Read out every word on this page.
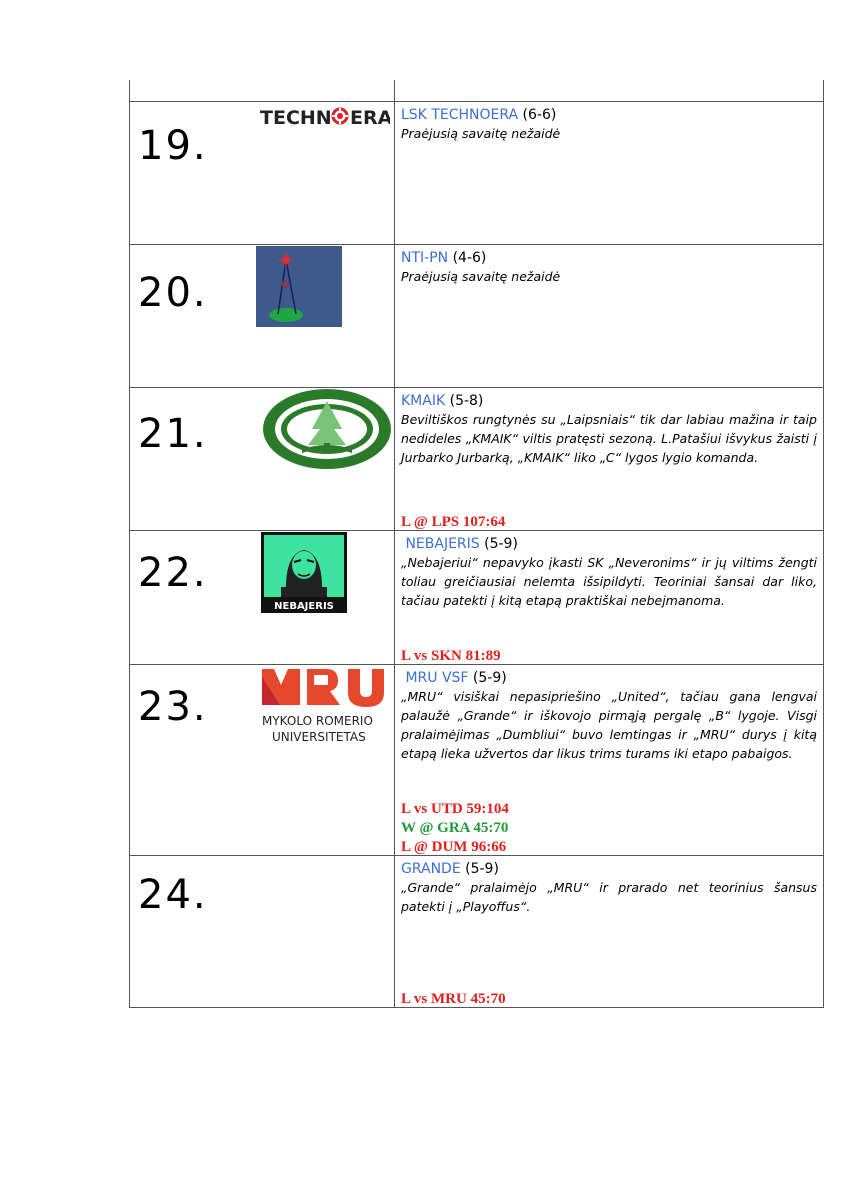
19.
TECHN ERA LSK TECHNOERA (6-6)
Praėjusią savaitę nežaidė
20.
NTI-PN (4-6)
Praėjusią savaitę nežaidė
21.
KMAIK (5-8)
Beviltiškos rungtynės su „Laipsniais“ tik dar labiau mažina ir taip nedideles „KMAIK“ viltis pratęsti sezoną. L.Patašiui išvykus žaisti į Jurbarko Jurbarką, „KMAIK“ liko „C“ lygos lygio komanda.
L @ LPS 107:64
22.
NEBAJERIS
NEBAJERIS (5-9)
„Nebajeriui“ nepavyko įkasti SK „Neveronims“ ir jų viltims žengti toliau greičiausiai nelemta išsipildyti. Teoriniai šansai dar liko, tačiau patekti į kitą etapą praktiškai nebejmanoma.
L vs SKN 81:89
23.	MYKOLO ROMERIO
UNIVERSITETAS
MRU VSF (5-9)
„MRU“ visiškai nepasipriešino „United“, tačiau gana lengvai palaužė „Grande“ ir iškovojo pirmąją pergalę „B“ lygoje. Visgi pralaimėjimas „Dumbliui“ buvo lemtingas ir „MRU“ durys į kitą etapą lieka užvertos dar likus trims turams iki etapo pabaigos.
L vs UTD 59:104
W @ GRA 45:70
L @ DUM 96:66
24.
GRANDE (5-9)
„Grande“ pralaimėjo „MRU“ ir prarado net teorinius šansus patekti į „Playoffus“.
L vs MRU 45:70
